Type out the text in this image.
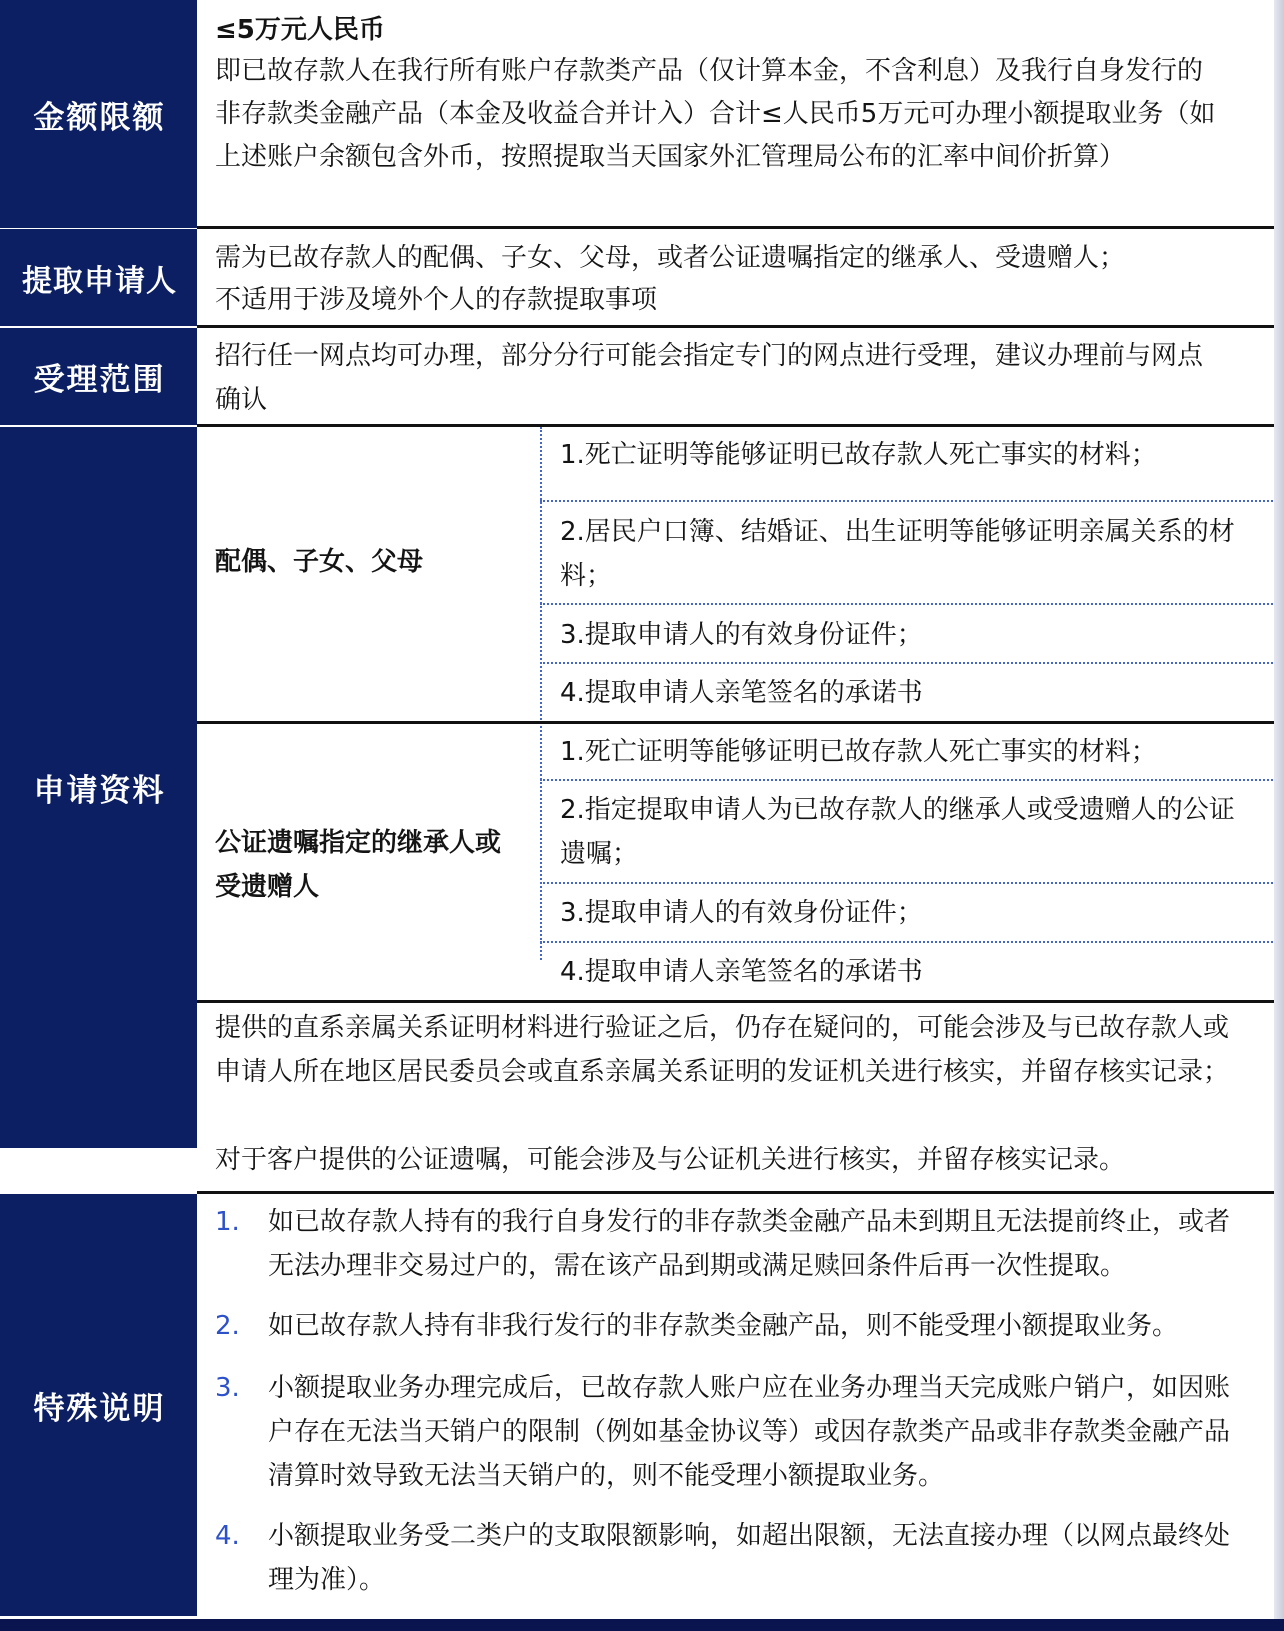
金额限额
≤5万元人民币
即已故存款人在我行所有账户存款类产品（仅计算本金，不含利息）及我行自身发行的非存款类金融产品（本金及收益合并计入）合计≤人民币5万元可办理小额提取业务（如上述账户余额包含外币，按照提取当天国家外汇管理局公布的汇率中间价折算）
提取申请人
需为已故存款人的配偶、子女、父母，或者公证遗嘱指定的继承人、受遗赠人；
不适用于涉及境外个人的存款提取事项
受理范围
招行任一网点均可办理，部分分行可能会指定专门的网点进行受理，建议办理前与网点确认
申请资料
配偶、子女、父母
1.死亡证明等能够证明已故存款人死亡事实的材料；
2.居民户口簿、结婚证、出生证明等能够证明亲属关系的材料；
3.提取申请人的有效身份证件；
4.提取申请人亲笔签名的承诺书
公证遗嘱指定的继承人或受遗赠人
1.死亡证明等能够证明已故存款人死亡事实的材料；
2.指定提取申请人为已故存款人的继承人或受遗赠人的公证遗嘱；
3.提取申请人的有效身份证件；
4.提取申请人亲笔签名的承诺书
提供的直系亲属关系证明材料进行验证之后，仍存在疑问的，可能会涉及与已故存款人或申请人所在地区居民委员会或直系亲属关系证明的发证机关进行核实，并留存核实记录；
对于客户提供的公证遗嘱，可能会涉及与公证机关进行核实，并留存核实记录。
特殊说明
1. 如已故存款人持有的我行自身发行的非存款类金融产品未到期且无法提前终止，或者无法办理非交易过户的，需在该产品到期或满足赎回条件后再一次性提取。
2. 如已故存款人持有非我行发行的非存款类金融产品，则不能受理小额提取业务。
3. 小额提取业务办理完成后，已故存款人账户应在业务办理当天完成账户销户，如因账户存在无法当天销户的限制（例如基金协议等）或因存款类产品或非存款类金融产品清算时效导致无法当天销户的，则不能受理小额提取业务。
4. 小额提取业务受二类户的支取限额影响，如超出限额，无法直接办理（以网点最终处理为准）。
